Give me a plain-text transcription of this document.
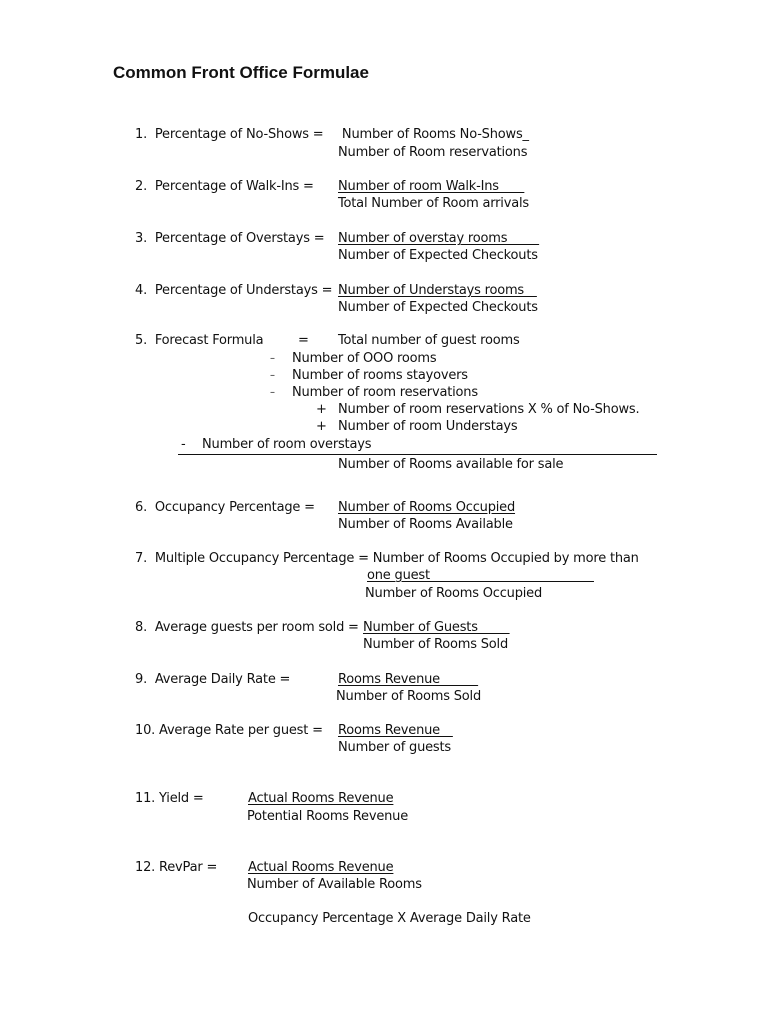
Common Front Office Formulae
1.  Percentage of No-Shows = Number of Rooms No-Shows_
Number of Room reservations
2.  Percentage of Walk-Ins = Number of room Walk-Ins____
Total Number of Room arrivals
3.  Percentage of Overstays = Number of overstay rooms_____
Number of Expected Checkouts
4.  Percentage of Understays = Number of Understays rooms__
Number of Expected Checkouts
5.  Forecast Formula	= Total number of guest rooms
– Number of OOO rooms
– Number of rooms stayovers
– Number of room reservations
+ Number of room reservations X % of No-Shows.
+ Number of room Understays
- Number of room overstays
Number of Rooms available for sale
6.  Occupancy Percentage = Number of Rooms Occupied
Number of Rooms Available
7.  Multiple Occupancy Percentage = Number of Rooms Occupied by more than
one guest__________________________
Number of Rooms Occupied
8.  Average guests per room sold = Number of Guests_____
Number of Rooms Sold
9.  Average Daily Rate =	Rooms Revenue______
Number of Rooms Sold
10. Average Rate per guest = Rooms Revenue__
Number of guests
11. Yield =	Actual Rooms Revenue
Potential Rooms Revenue
12. RevPar = Actual Rooms Revenue
Number of Available Rooms
Occupancy Percentage X Average Daily Rate
